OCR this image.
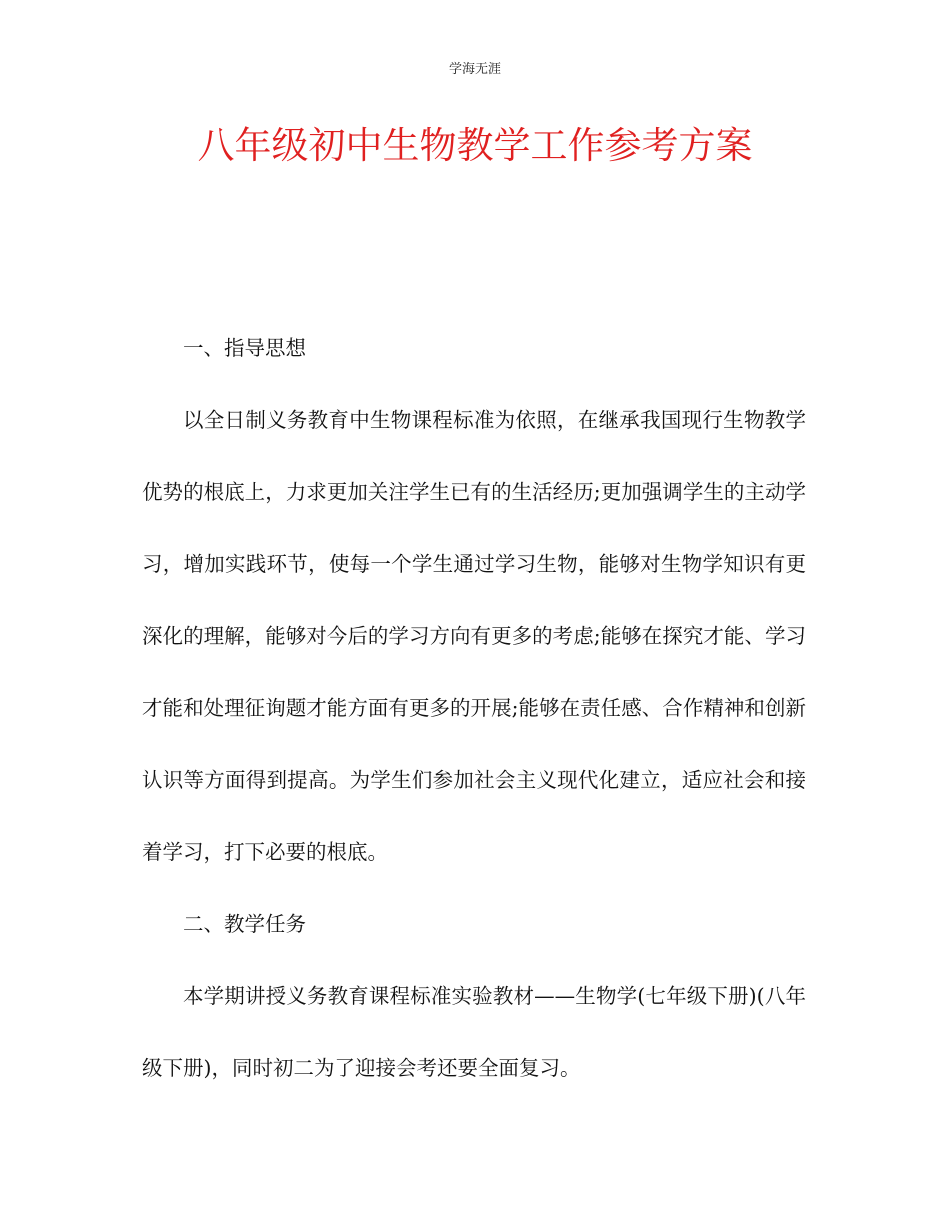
学海无涯
八年级初中生物教学工作参考方案

一、指导思想

以全日制义务教育中生物课程标准为依照，在继承我国现行生物教学优势的根底上，力求更加关注学生已有的生活经历;更加强调学生的主动学习，增加实践环节，使每一个学生通过学习生物，能够对生物学知识有更深化的理解，能够对今后的学习方向有更多的考虑;能够在探究才能、学习才能和处理征询题才能方面有更多的开展;能够在责任感、合作精神和创新认识等方面得到提高。为学生们参加社会主义现代化建立，适应社会和接着学习，打下必要的根底。

二、教学任务

本学期讲授义务教育课程标准实验教材——生物学(七年级下册)(八年级下册)，同时初二为了迎接会考还要全面复习。
